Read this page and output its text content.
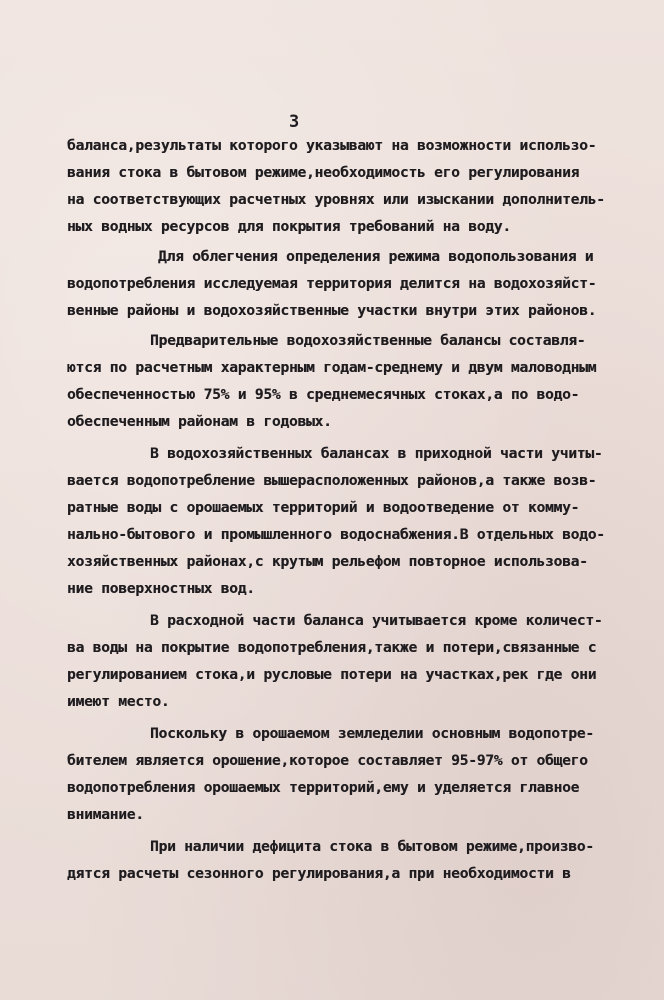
3
баланса,результаты которого указывают на возможности использо-
вания стока в бытовом режиме,необходимость его регулирования
на соответствующих расчетных уровнях или изыскании дополнитель-
ных водных ресурсов для покрытия требований на воду.
Для облегчения определения режима водопользования и
водопотребления исследуемая территория делится на водохозяйст-
венные районы и водохозяйственные участки внутри этих районов.
Предварительные водохозяйственные балансы составля-
ются по расчетным характерным годам-среднему и двум маловодным
обеспеченностью 75% и 95% в среднемесячных стоках,а по водо-
обеспеченным районам в годовых.
В водохозяйственных балансах в приходной части учиты-
вается водопотребление вышерасположенных районов,а также возв-
ратные воды с орошаемых территорий и водоотведение от комму-
нально-бытового и промышленного водоснабжения.В отдельных водо-
хозяйственных районах,с крутым рельефом повторное использова-
ние поверхностных вод.
В расходной части баланса учитывается кроме количест-
ва воды на покрытие водопотребления,также и потери,связанные с
регулированием стока,и русловые потери на участках,рек где они
имеют место.
Поскольку в орошаемом земледелии основным водопотре-
бителем является орошение,которое составляет 95-97% от общего
водопотребления орошаемых территорий,ему и уделяется главное
внимание.
При наличии дефицита стока в бытовом режиме,произво-
дятся расчеты сезонного регулирования,а при необходимости в
